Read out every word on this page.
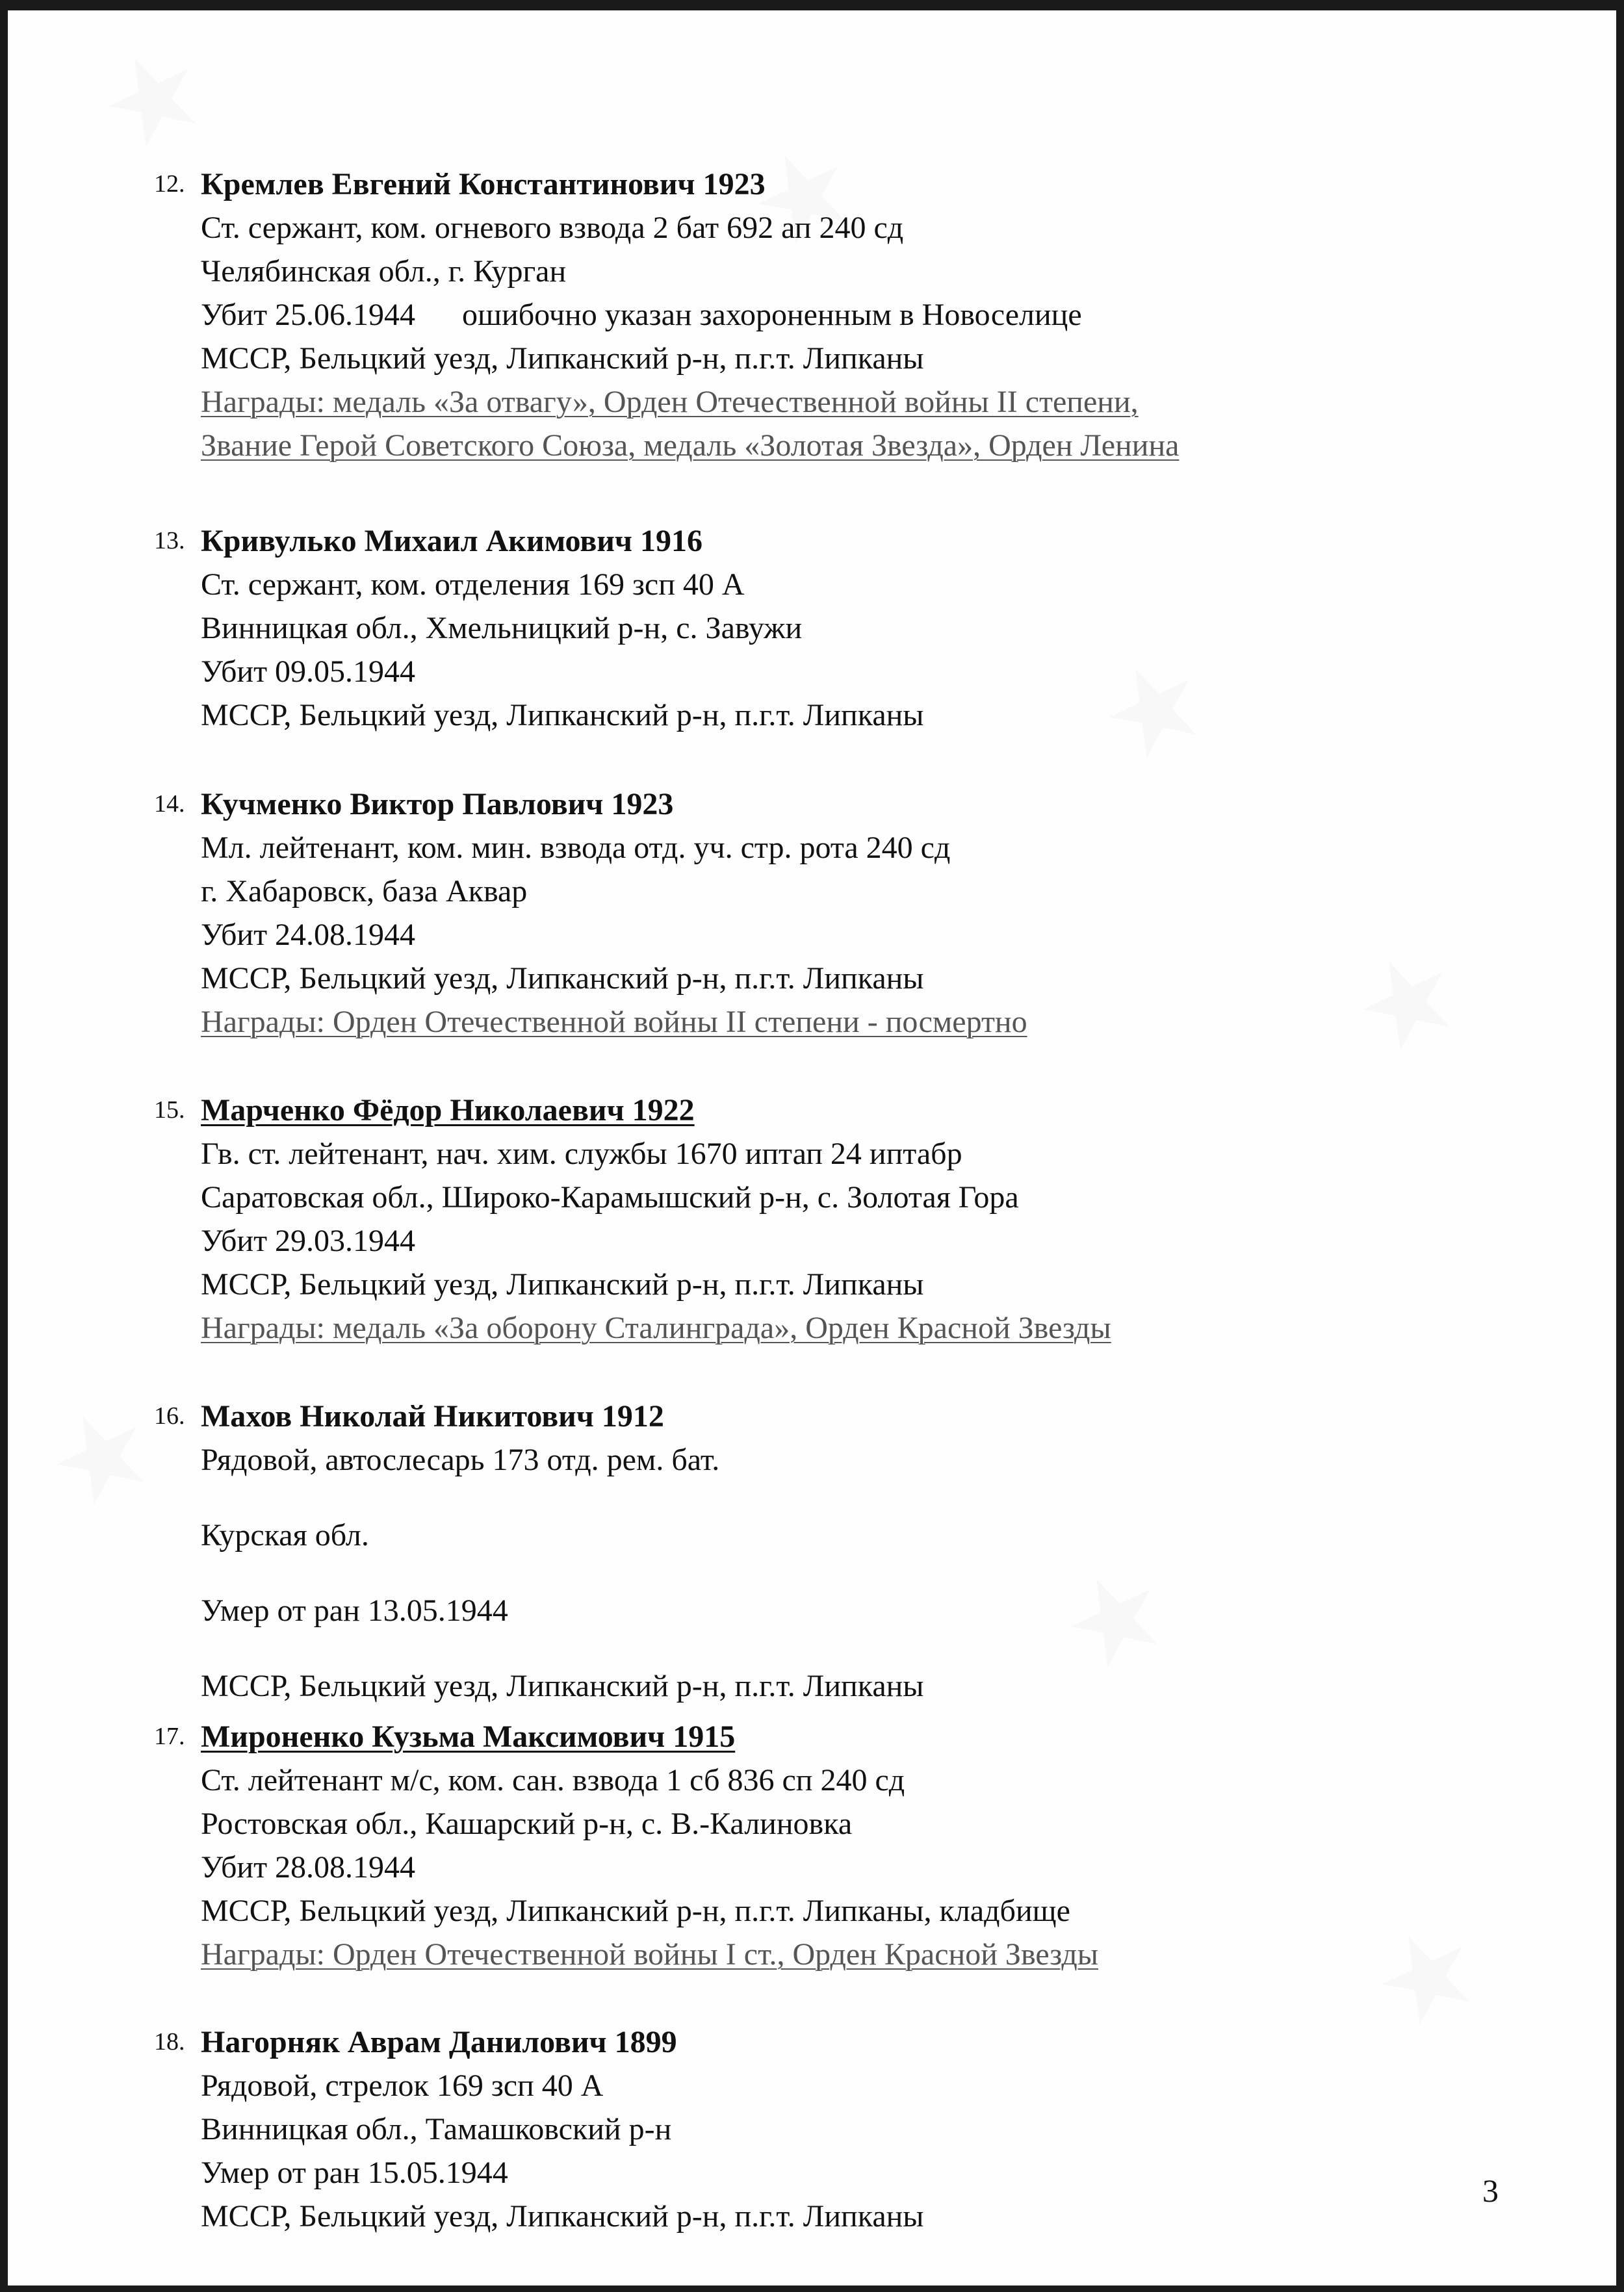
12. Кремлев Евгений Константинович 1923
Ст. сержант, ком. огневого взвода 2 бат 692 ап 240 сд
Челябинская обл., г. Курган
Убит 25.06.1944 ошибочно указан захороненным в Новоселице
МССР, Бельцкий уезд, Липканский р-н, п.г.т. Липканы
Награды: медаль «За отвагу», Орден Отечественной войны II степени,
Звание Герой Советского Союза, медаль «Золотая Звезда», Орден Ленина
13. Кривулько Михаил Акимович 1916
Ст. сержант, ком. отделения 169 зсп 40 А
Винницкая обл., Хмельницкий р-н, с. Завужи
Убит 09.05.1944
МССР, Бельцкий уезд, Липканский р-н, п.г.т. Липканы
14. Кучменко Виктор Павлович 1923
Мл. лейтенант, ком. мин. взвода отд. уч. стр. рота 240 сд
г. Хабаровск, база Аквар
Убит 24.08.1944
МССР, Бельцкий уезд, Липканский р-н, п.г.т. Липканы
Награды: Орден Отечественной войны II степени - посмертно
15. Марченко Фёдор Николаевич 1922
Гв. ст. лейтенант, нач. хим. службы 1670 иптап 24 иптабр
Саратовская обл., Широко-Карамышский р-н, с. Золотая Гора
Убит 29.03.1944
МССР, Бельцкий уезд, Липканский р-н, п.г.т. Липканы
Награды: медаль «За оборону Сталинграда», Орден Красной Звезды
16. Махов Николай Никитович 1912
Рядовой, автослесарь 173 отд. рем. бат.
Курская обл.
Умер от ран 13.05.1944
МССР, Бельцкий уезд, Липканский р-н, п.г.т. Липканы
17. Мироненко Кузьма Максимович 1915
Ст. лейтенант м/с, ком. сан. взвода 1 сб 836 сп 240 сд
Ростовская обл., Кашарский р-н, с. В.-Калиновка
Убит 28.08.1944
МССР, Бельцкий уезд, Липканский р-н, п.г.т. Липканы, кладбище
Награды: Орден Отечественной войны I ст., Орден Красной Звезды
18. Нагорняк Аврам Данилович 1899
Рядовой, стрелок 169 зсп 40 А
Винницкая обл., Тамашковский р-н
Умер от ран 15.05.1944
МССР, Бельцкий уезд, Липканский р-н, п.г.т. Липканы
3
